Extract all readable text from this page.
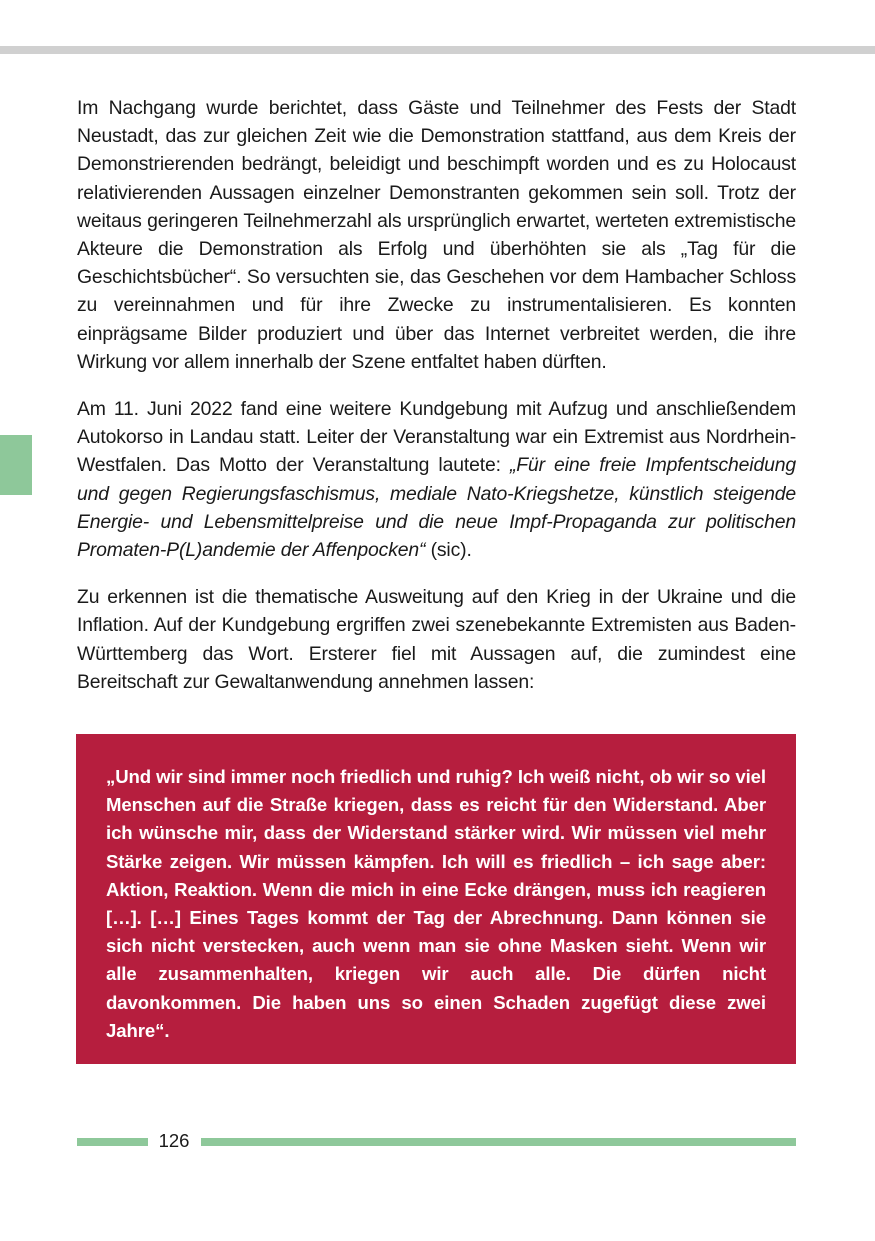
Im Nachgang wurde berichtet, dass Gäste und Teilnehmer des Fests der Stadt Neustadt, das zur gleichen Zeit wie die Demonstration stattfand, aus dem Kreis der Demonstrierenden bedrängt, beleidigt und beschimpft worden und es zu Holocaust relativierenden Aussagen einzelner Demonstranten gekommen sein soll. Trotz der weitaus geringeren Teilnehmerzahl als ursprünglich erwartet, werteten extremistische Akteure die Demonstration als Erfolg und überhöhten sie als „Tag für die Geschichtsbücher“. So versuchten sie, das Geschehen vor dem Hambacher Schloss zu vereinnahmen und für ihre Zwecke zu instrumentalisieren. Es konnten einprägsame Bilder produziert und über das Internet verbreitet werden, die ihre Wirkung vor allem innerhalb der Szene entfaltet haben dürften.

Am 11. Juni 2022 fand eine weitere Kundgebung mit Aufzug und anschließendem Autokorso in Landau statt. Leiter der Veranstaltung war ein Extremist aus Nordrhein-Westfalen. Das Motto der Veranstaltung lautete: „Für eine freie Impfentscheidung und gegen Regierungsfaschismus, mediale Nato-Kriegshetze, künstlich steigende Energie- und Lebensmittelpreise und die neue Impf-Propaganda zur politischen Promaten-P(L)andemie der Affenpocken“ (sic).

Zu erkennen ist die thematische Ausweitung auf den Krieg in der Ukraine und die Inflation. Auf der Kundgebung ergriffen zwei szenebekannte Extremisten aus Baden-Württemberg das Wort. Ersterer fiel mit Aussagen auf, die zumindest eine Bereitschaft zur Gewaltanwendung annehmen lassen:

„Und wir sind immer noch friedlich und ruhig? Ich weiß nicht, ob wir so viel Menschen auf die Straße kriegen, dass es reicht für den Widerstand. Aber ich wünsche mir, dass der Widerstand stärker wird. Wir müssen viel mehr Stärke zeigen. Wir müssen kämpfen. Ich will es friedlich – ich sage aber: Aktion, Reaktion. Wenn die mich in eine Ecke drängen, muss ich reagieren […]. […] Eines Tages kommt der Tag der Abrechnung. Dann können sie sich nicht verstecken, auch wenn man sie ohne Masken sieht. Wenn wir alle zusammenhalten, kriegen wir auch alle. Die dürfen nicht davonkommen. Die haben uns so einen Schaden zugefügt diese zwei Jahre“.

126
